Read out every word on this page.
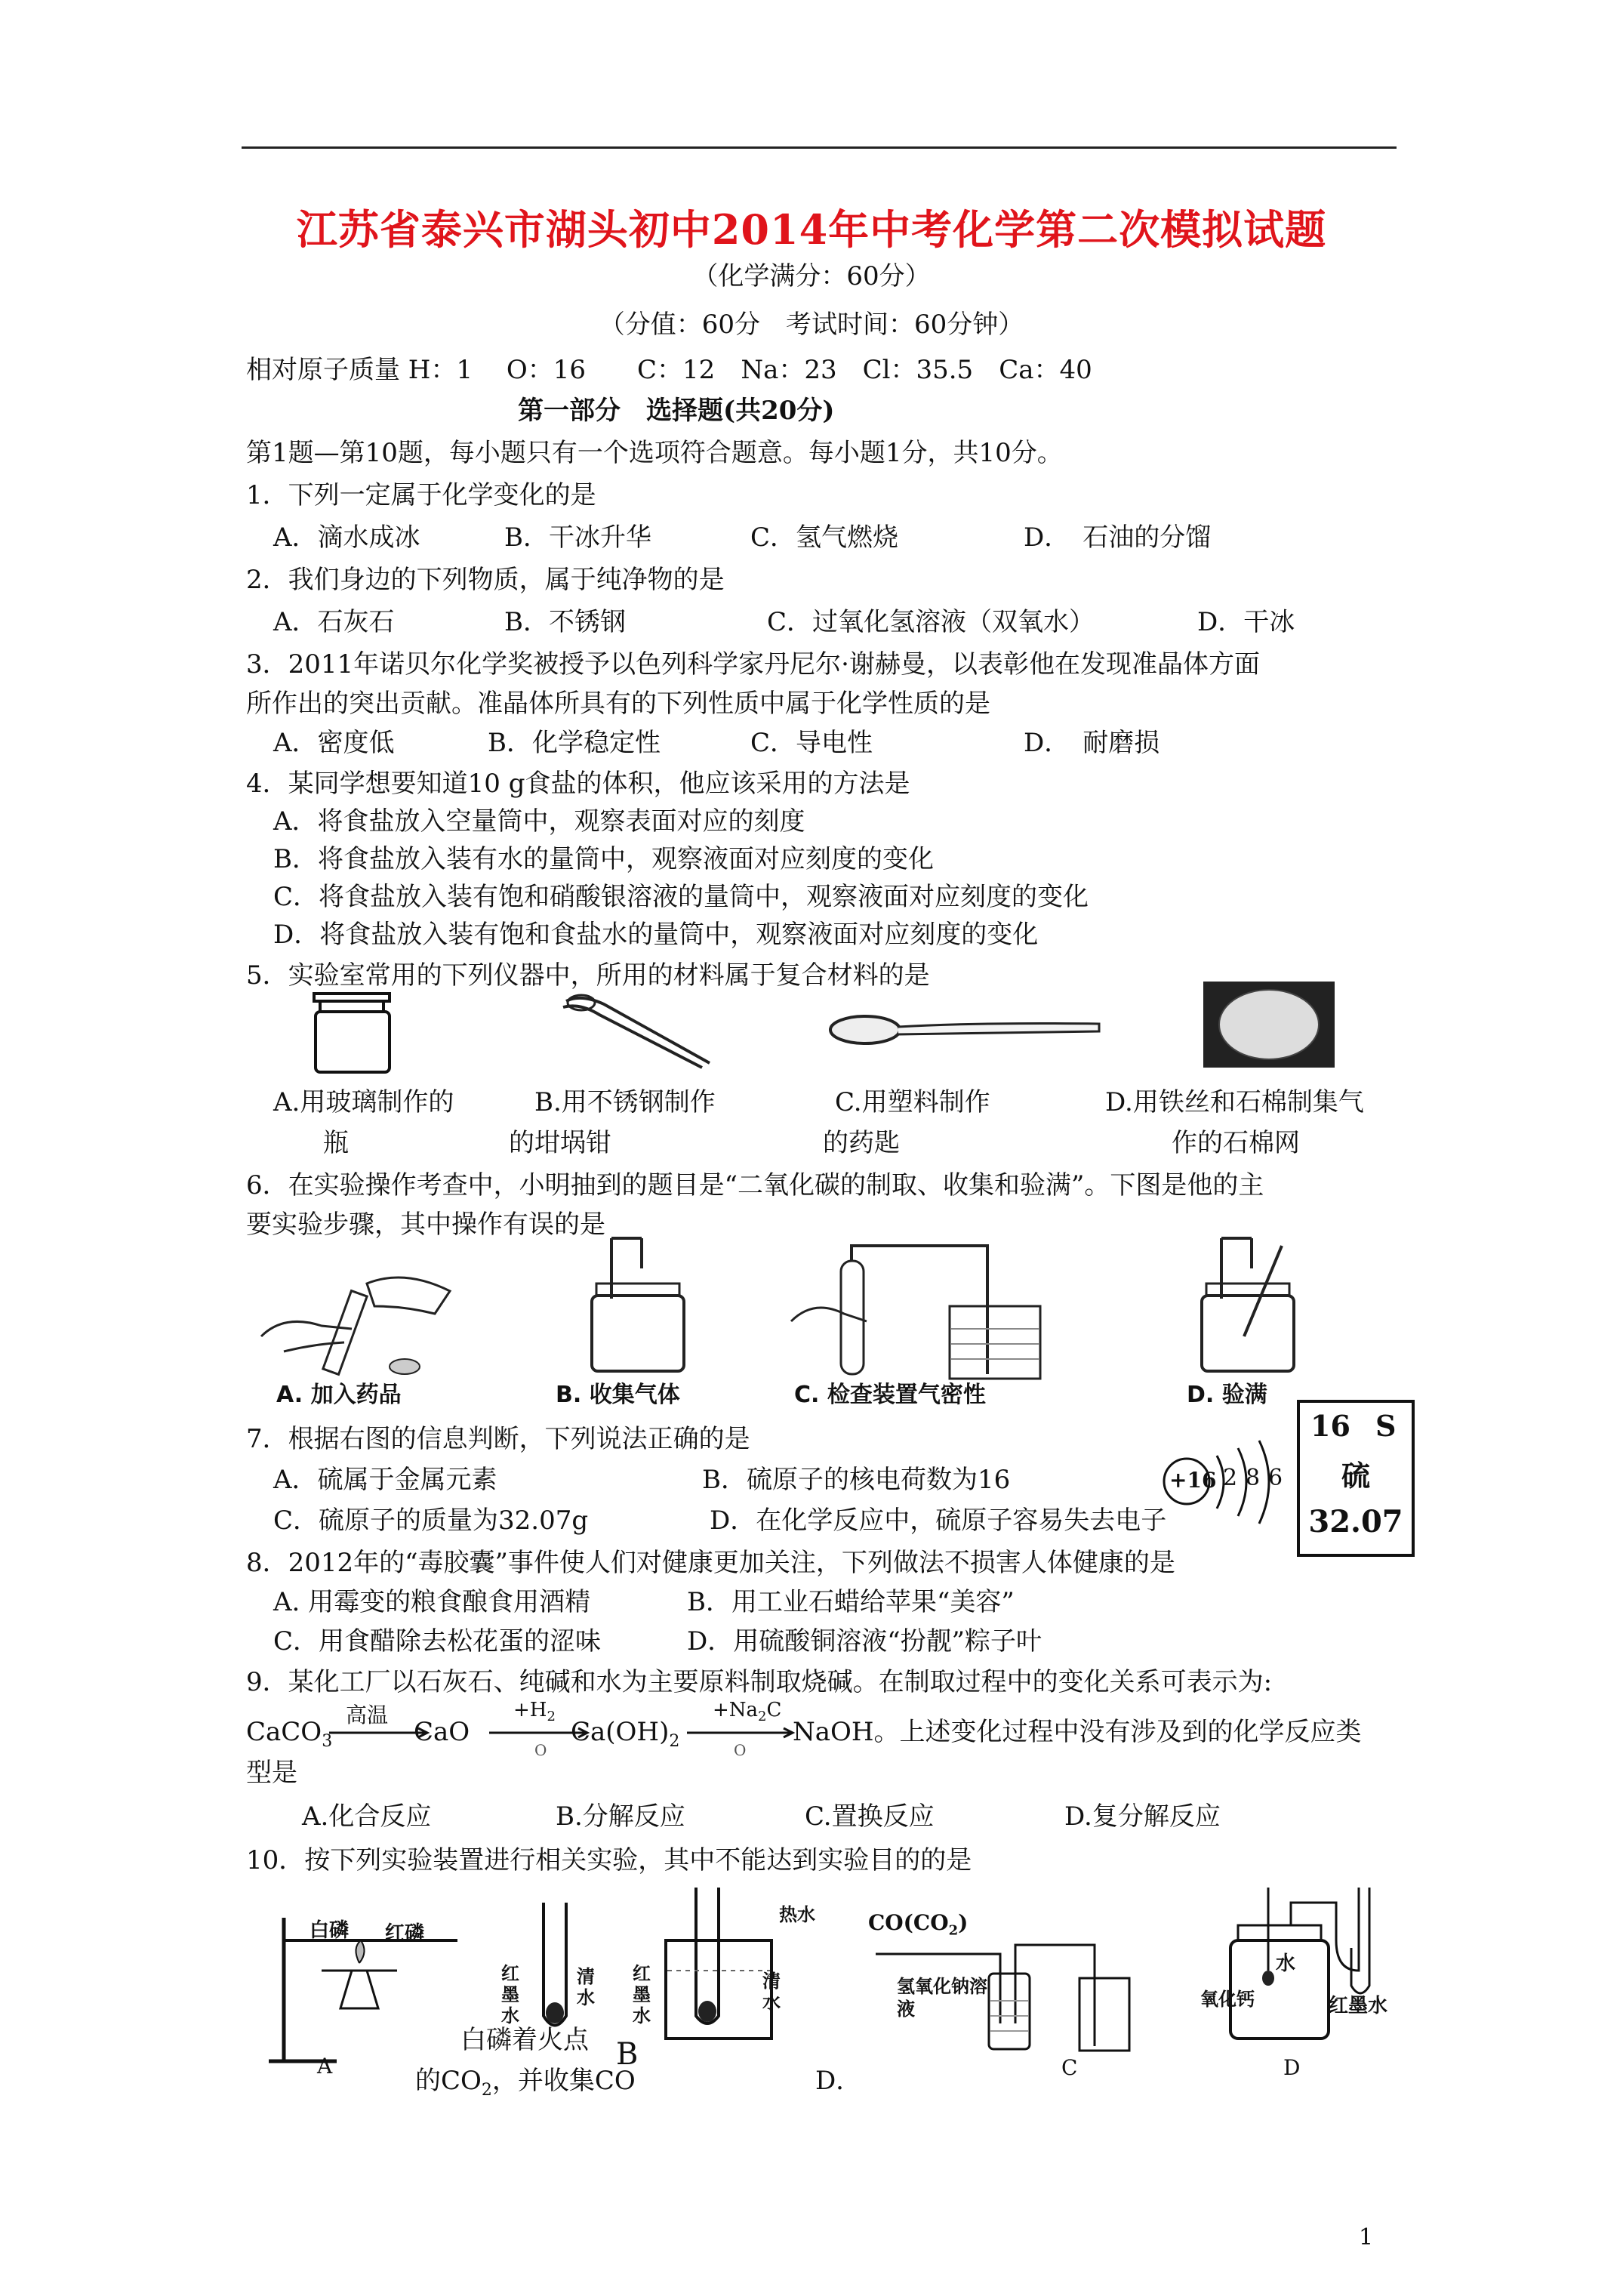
江苏省泰兴市湖头初中2014年中考化学第二次模拟试题
（化学满分：60分）
（分值：60分　考试时间：60分钟）
相对原子质量 H：1　 O：16　　C：12　Na：23　Cl：35.5　Ca：40
第一部分　选择题(共20分)
第1题—第10题，每小题只有一个选项符合题意。每小题1分，共10分。
1．下列一定属于化学变化的是
A．滴水成冰	B．干冰升华	C．氢气燃烧	D．　石油的分馏
2．我们身边的下列物质，属于纯净物的是
A．石灰石	B．不锈钢	C．过氧化氢溶液（双氧水）	D．干冰
3．2011年诺贝尔化学奖被授予以色列科学家丹尼尔·谢赫曼，以表彰他在发现准晶体方面
所作出的突出贡献。准晶体所具有的下列性质中属于化学性质的是
A．密度低	B．化学稳定性	C．导电性	D．　耐磨损
4．某同学想要知道10 g食盐的体积，他应该采用的方法是
A．将食盐放入空量筒中，观察表面对应的刻度
B．将食盐放入装有水的量筒中，观察液面对应刻度的变化
C．将食盐放入装有饱和硝酸银溶液的量筒中，观察液面对应刻度的变化
D．将食盐放入装有饱和食盐水的量筒中，观察液面对应刻度的变化
5．实验室常用的下列仪器中，所用的材料属于复合材料的是
A.用玻璃制作的
瓶
B.用不锈钢制作
的坩埚钳
C.用塑料制作
的药匙
D.用铁丝和石棉制集气
作的石棉网
6．在实验操作考查中，小明抽到的题目是“二氧化碳的制取、收集和验满”。下图是他的主
要实验步骤，其中操作有误的是
A. 加入药品	B. 收集气体	C. 检查装置气密性	D. 验满
7．根据右图的信息判断，下列说法正确的是
A．硫属于金属元素	B．硫原子的核电荷数为16
C．硫原子的质量为32.07g	D．在化学反应中，硫原子容易失去电子
+16 2 8 6
16 S
硫
32.07
8．2012年的“毒胶囊”事件使人们对健康更加关注，下列做法不损害人体健康的是
A. 用霉变的粮食酿食用酒精	B．用工业石蜡给苹果“美容”
C．用食醋除去松花蛋的涩味	D．用硫酸铜溶液“扮靓”粽子叶
9．某化工厂以石灰石、纯碱和水为主要原料制取烧碱。在制取过程中的变化关系可表示为:
CaCO$_3$
高温
CaO
$+H_2$
O
$Ca(OH)_2$
$+Na_2C$
O
NaOH。上述变化过程中没有涉及到的化学反应类
型是
A.化合反应	B.分解反应	C.置换反应	D.复分解反应
10．按下列实验装置进行相关实验，其中不能达到实验目的的是
白磷 红磷
A
红墨水
清水
热水
红墨水
清水
$CO(CO_2)$
氢氧化钠溶液
C
水
氧化钙	红墨水
D
白磷着火点 B
的$CO_2$，并收集CO	D．
1
